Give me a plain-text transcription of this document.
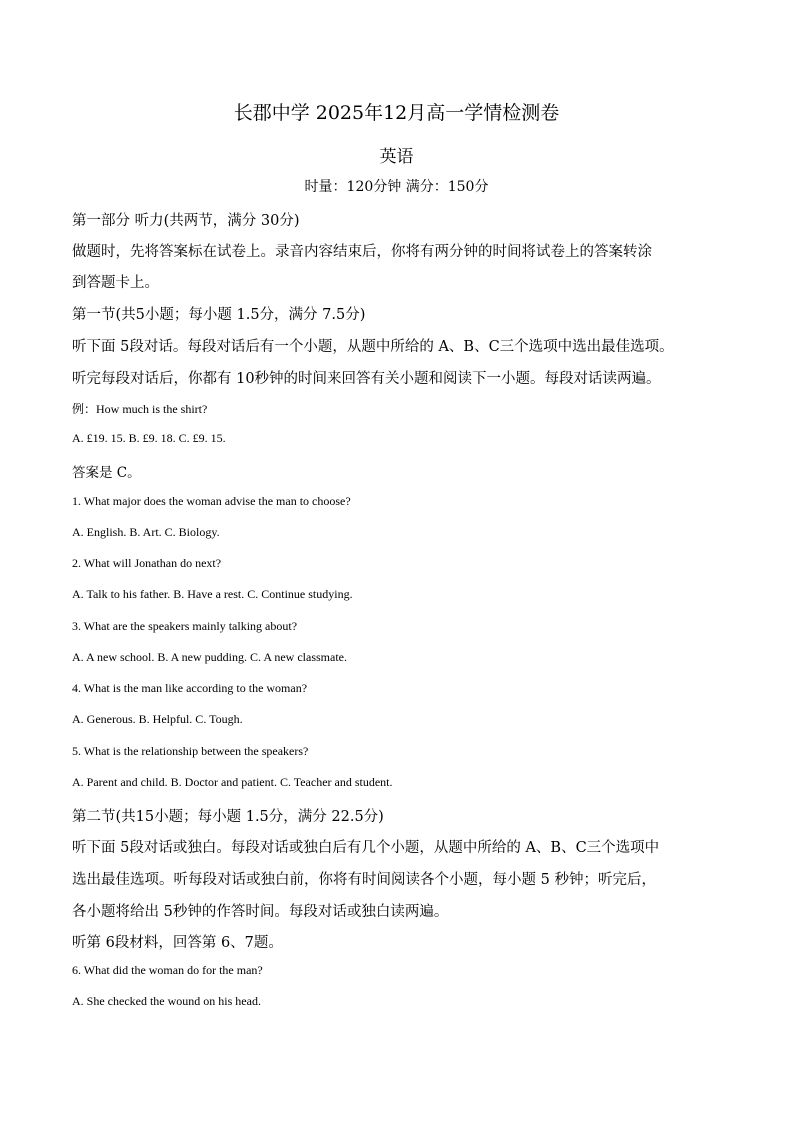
长郡中学 2025年12月高一学情检测卷
英语
时量：120分钟 满分：150分
第一部分 听力(共两节，满分 30分)
做题时，先将答案标在试卷上。录音内容结束后，你将有两分钟的时间将试卷上的答案转涂
到答题卡上。
第一节(共5小题；每小题 1.5分，满分 7.5分)
听下面 5段对话。每段对话后有一个小题，从题中所给的 A、B、C三个选项中选出最佳选项。
听完每段对话后，你都有 10秒钟的时间来回答有关小题和阅读下一小题。每段对话读两遍。
例：How much is the shirt?
A. £19. 15. B. £9. 18. C. £9. 15.
答案是 C。
1. What major does the woman advise the man to choose?
A. English. B. Art. C. Biology.
2. What will Jonathan do next?
A. Talk to his father. B. Have a rest. C. Continue studying.
3. What are the speakers mainly talking about?
A. A new school. B. A new pudding. C. A new classmate.
4. What is the man like according to the woman?
A. Generous. B. Helpful. C. Tough.
5. What is the relationship between the speakers?
A. Parent and child. B. Doctor and patient. C. Teacher and student.
第二节(共15小题；每小题 1.5分，满分 22.5分)
听下面 5段对话或独白。每段对话或独白后有几个小题，从题中所给的 A、B、C三个选项中
选出最佳选项。听每段对话或独白前，你将有时间阅读各个小题，每小题 5 秒钟；听完后，
各小题将给出 5秒钟的作答时间。每段对话或独白读两遍。
听第 6段材料，回答第 6、7题。
6. What did the woman do for the man?
A. She checked the wound on his head.
